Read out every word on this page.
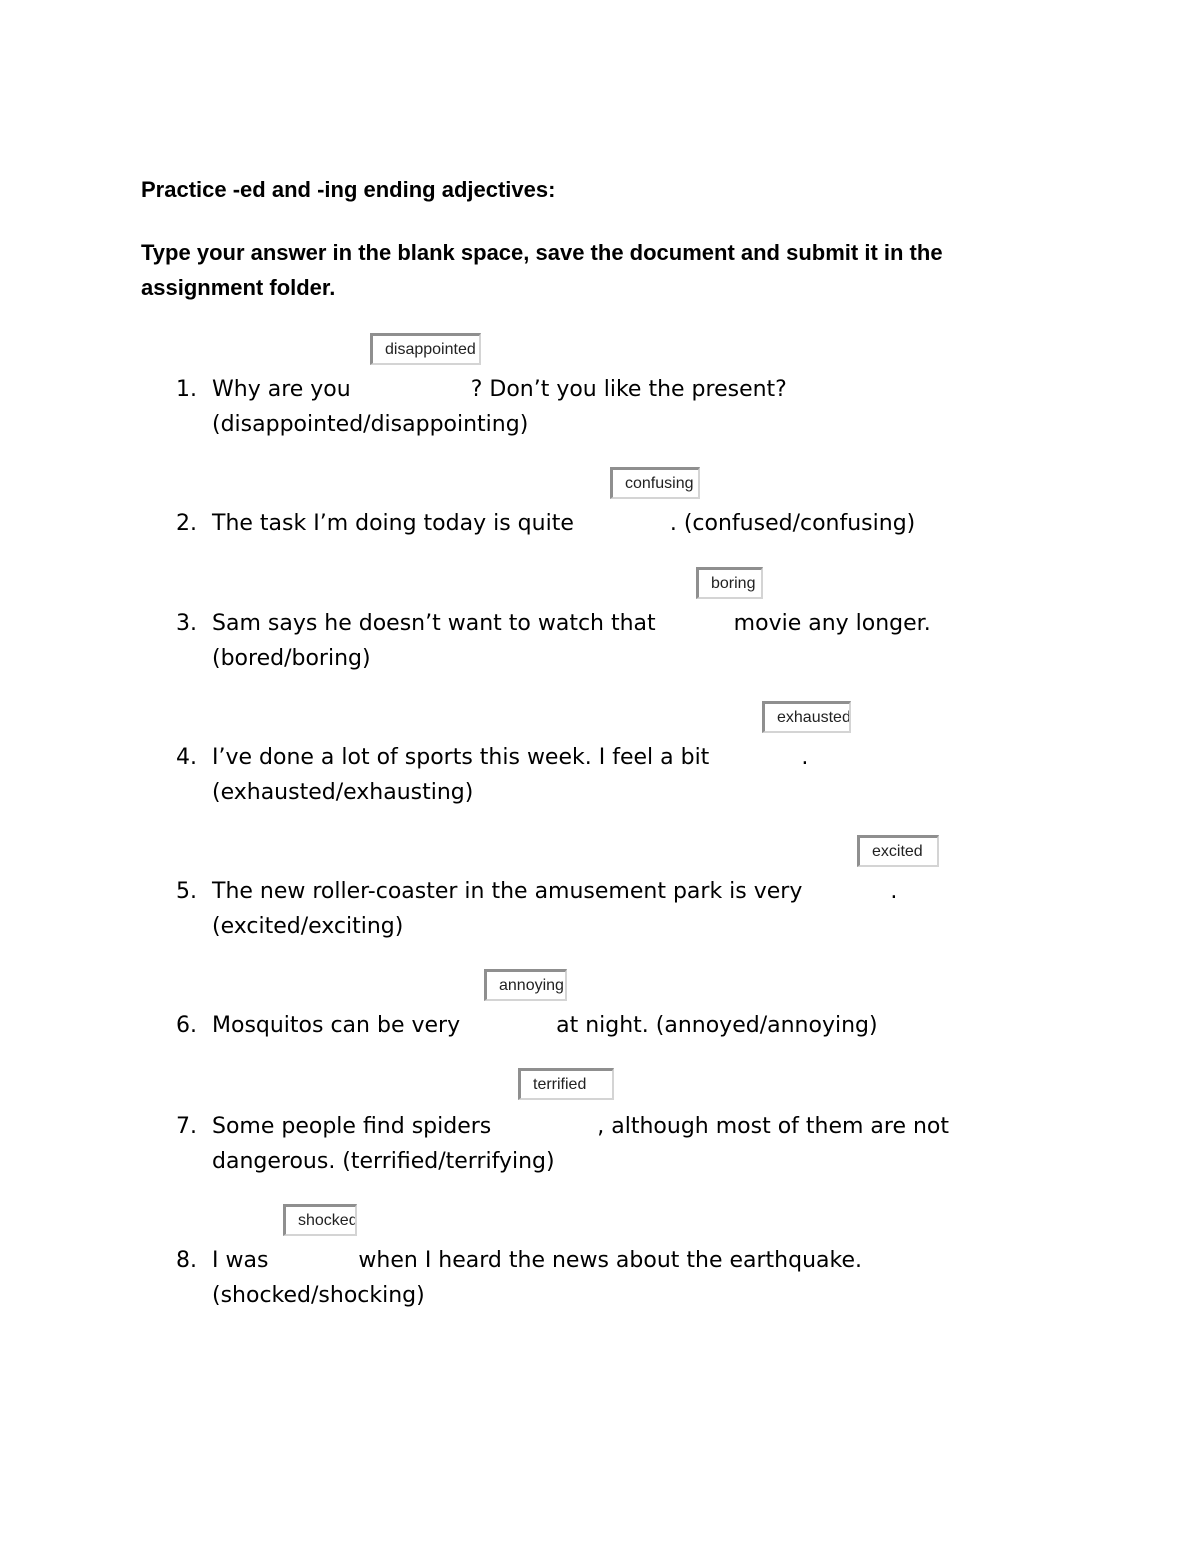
Practice -ed and -ing ending adjectives:

Type your answer in the blank space, save the document and submit it in the assignment folder.

1. Why are you	? Don’t you like the present?
(disappointed/disappointing)
disappointed
2. The task I’m doing today is quite	. (confused/confusing)
confusing
3. Sam says he doesn’t want to watch that	movie any longer.
(bored/boring)
boring
4. I’ve done a lot of sports this week. I feel a bit	.
(exhausted/exhausting)
exhausted
5. The new roller-coaster in the amusement park is very	.
(excited/exciting)
excited
6. Mosquitos can be very	at night. (annoyed/annoying)
annoying
7. Some people find spiders	, although most of them are not
dangerous. (terrified/terrifying)
terrified
8. I was	when I heard the news about the earthquake.
(shocked/shocking)
shocked
